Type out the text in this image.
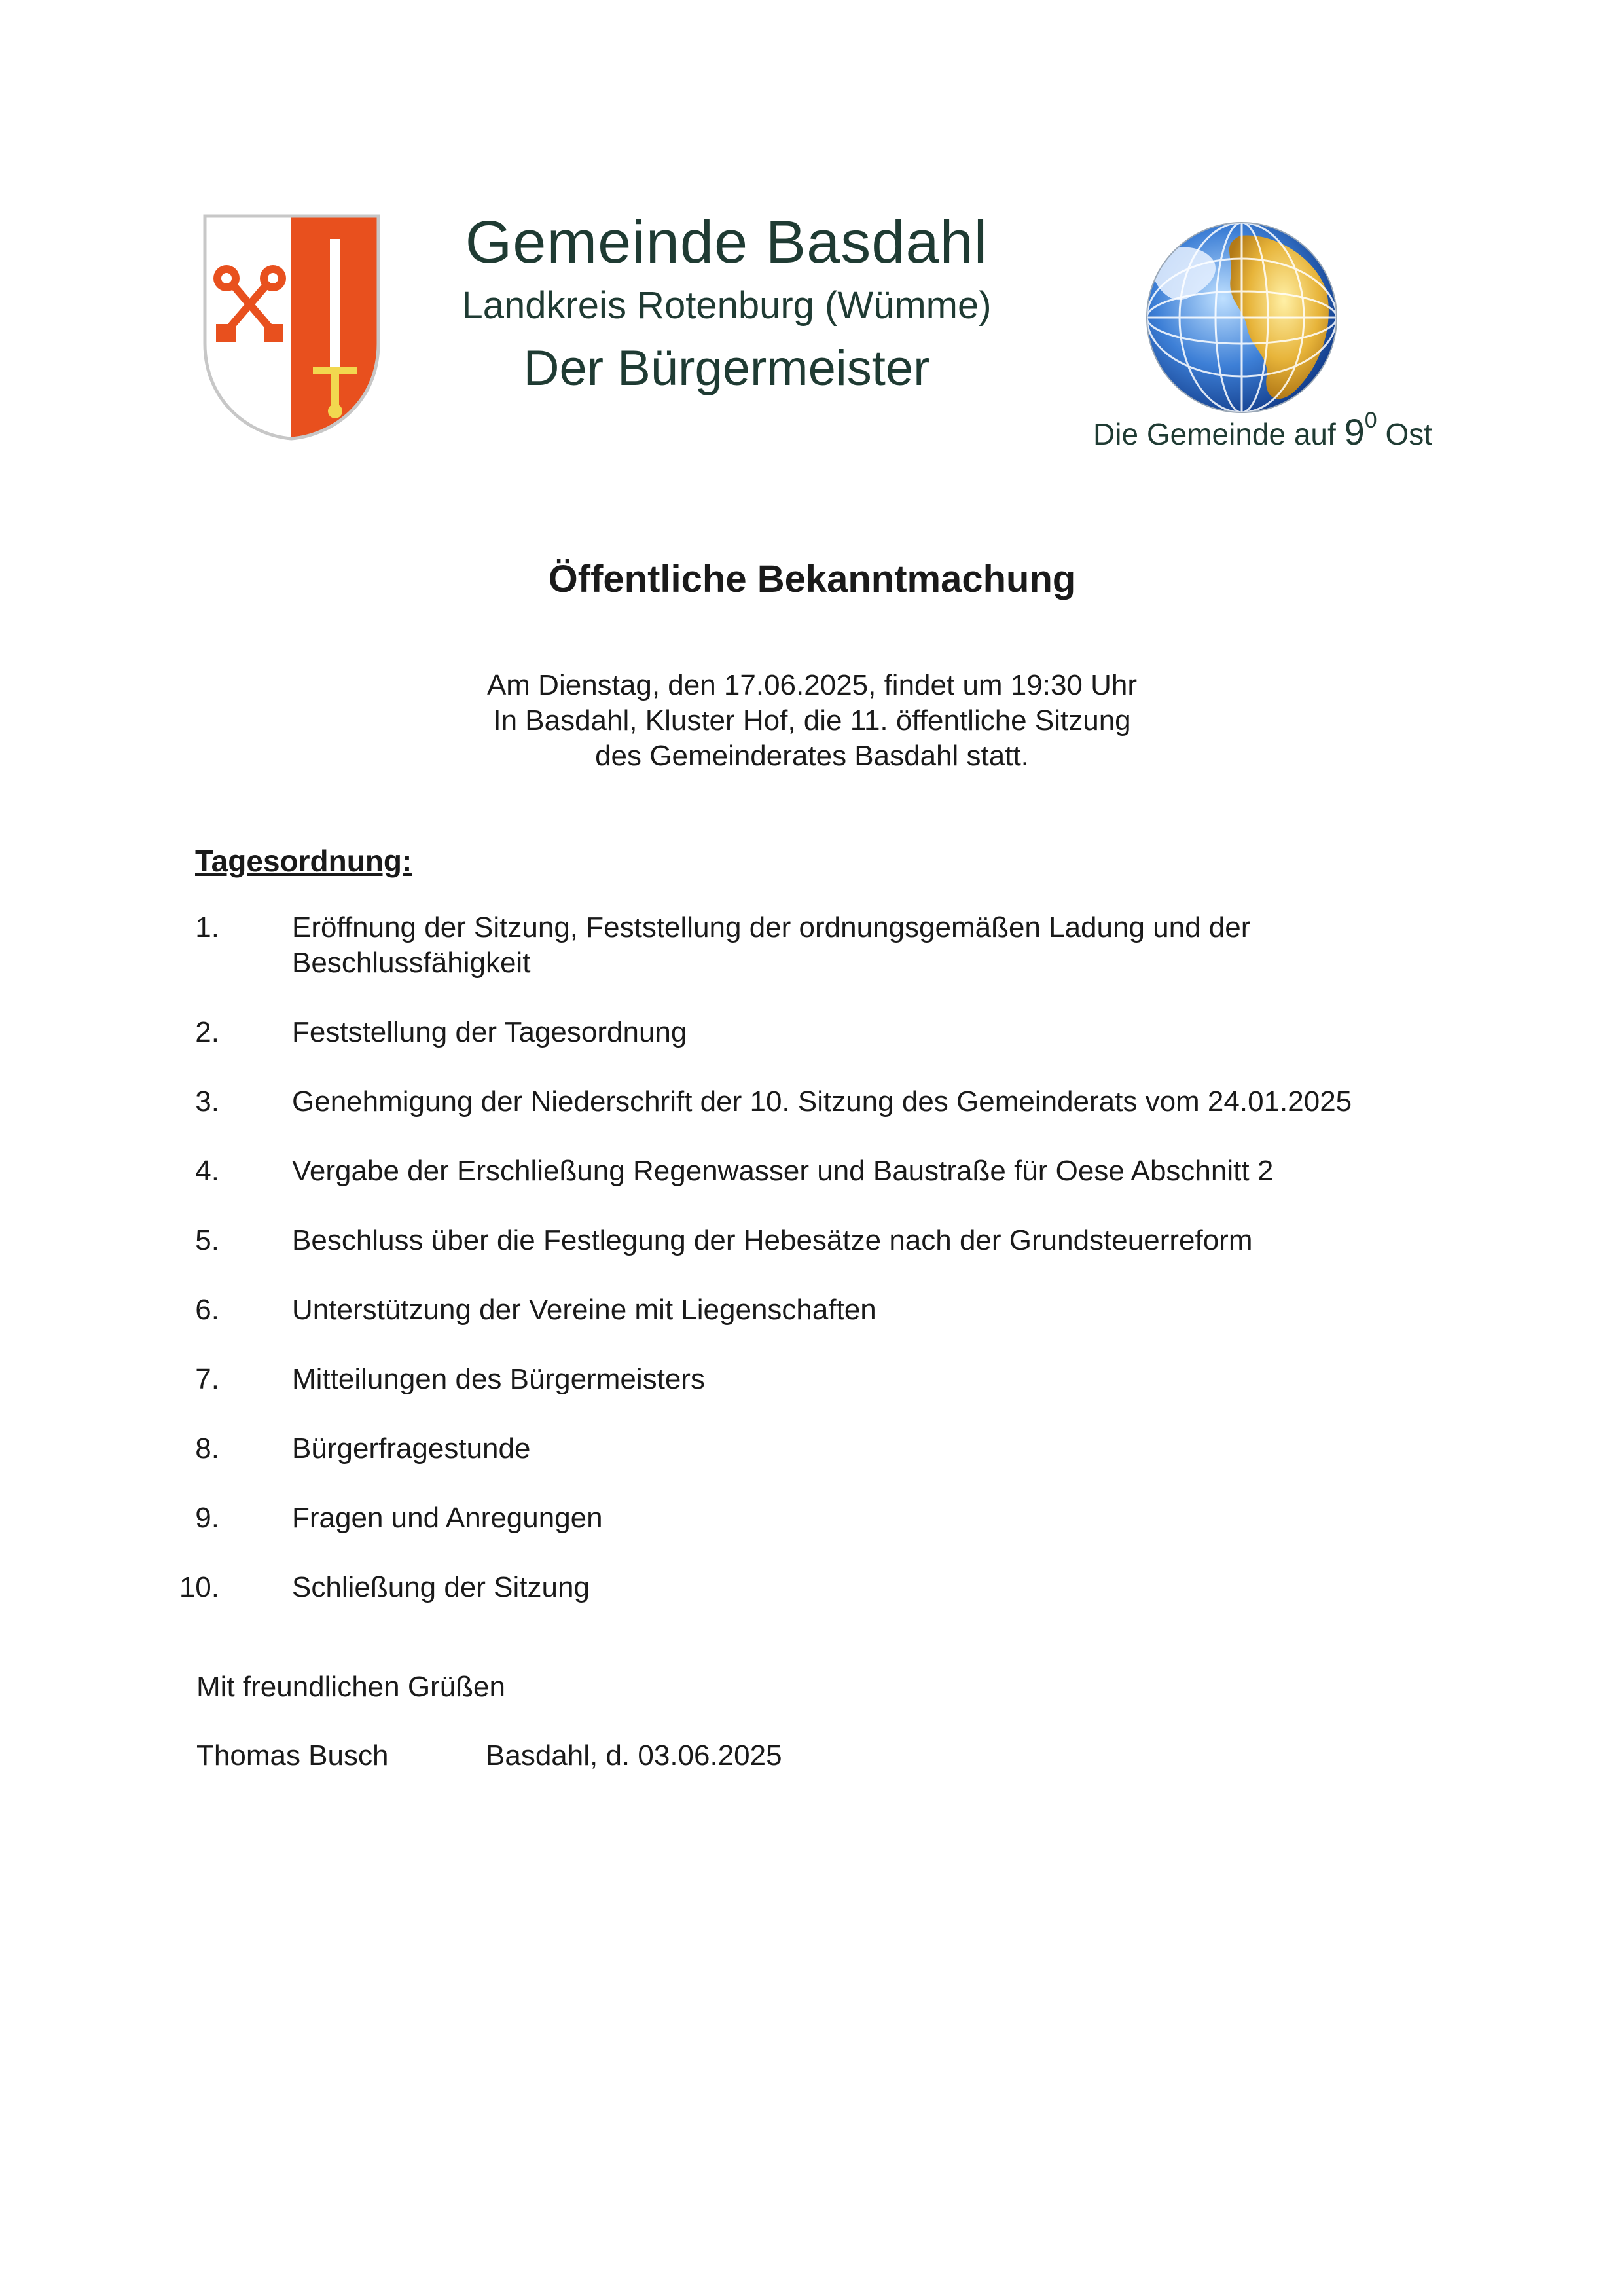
Gemeinde Basdahl
Landkreis Rotenburg (Wümme)
Der Bürgermeister
Die Gemeinde auf $9^0$ Ost
Öffentliche Bekanntmachung
Am Dienstag, den 17.06.2025, findet um 19:30 Uhr
In Basdahl, Kluster Hof, die 11. öffentliche Sitzung
des Gemeinderates Basdahl statt.
Tagesordnung:
1.	Eröffnung der Sitzung, Feststellung der ordnungsgemäßen Ladung und der Beschlussfähigkeit
2.	Feststellung der Tagesordnung
3.	Genehmigung der Niederschrift der 10. Sitzung des Gemeinderats vom 24.01.2025
4.	Vergabe der Erschließung Regenwasser und Baustraße für Oese Abschnitt 2
5.	Beschluss über die Festlegung der Hebesätze nach der Grundsteuerreform
6.	Unterstützung der Vereine mit Liegenschaften
7.	Mitteilungen des Bürgermeisters
8.	Bürgerfragestunde
9.	Fragen und Anregungen
10.	Schließung der Sitzung
Mit freundlichen Grüßen
Thomas Busch	Basdahl, d. 03.06.2025
